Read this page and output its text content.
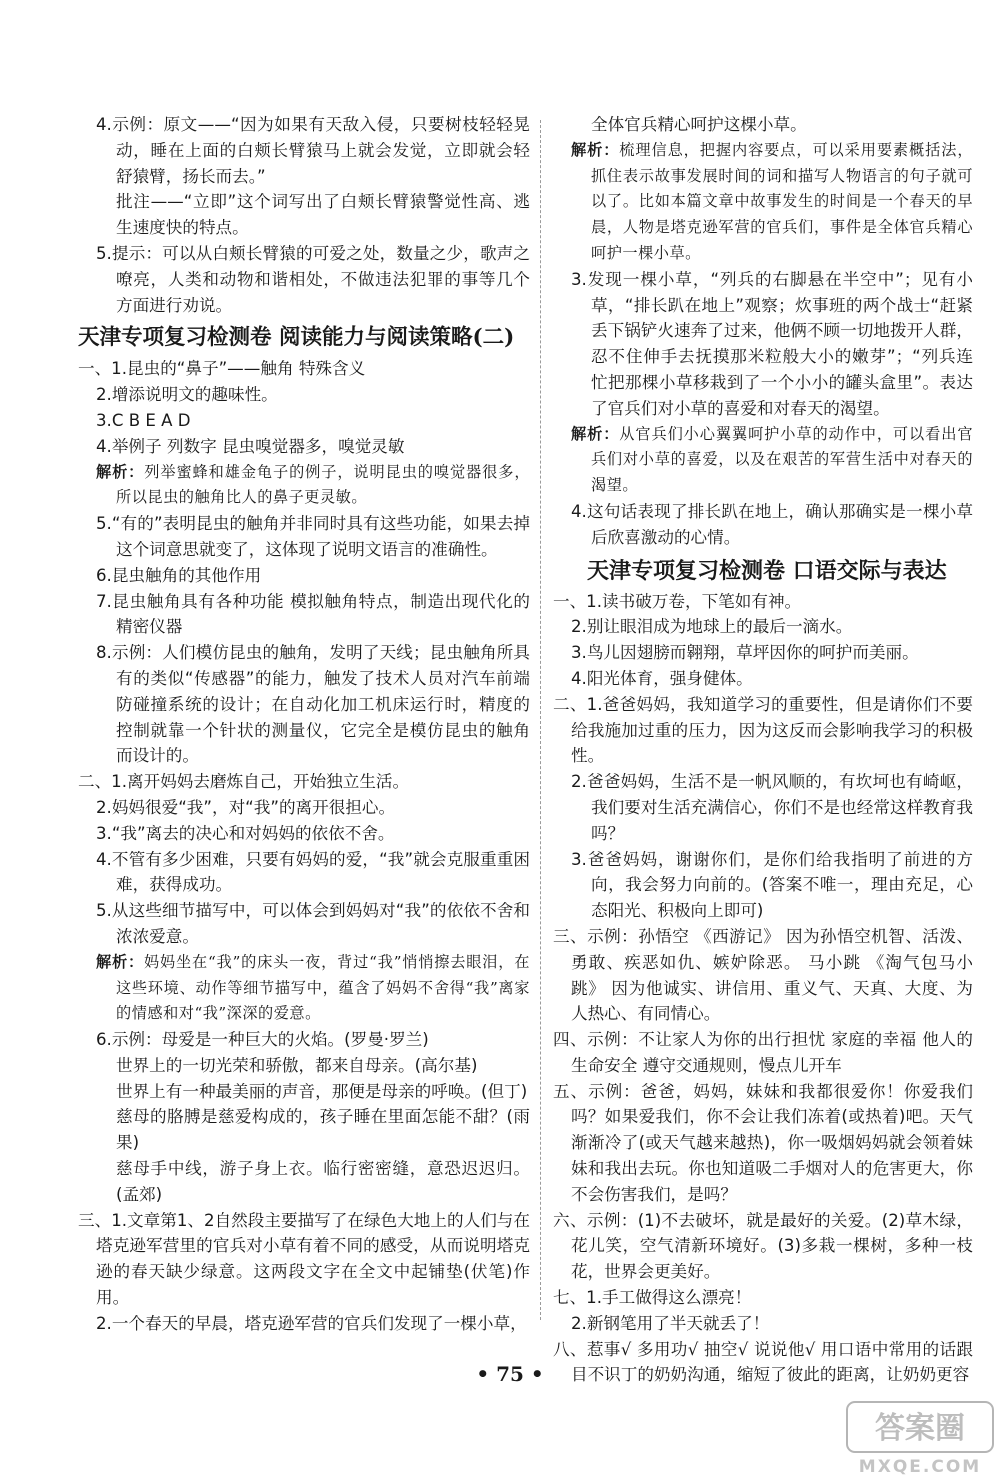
4.示例：原文——“因为如果有天敌入侵，只要树枝轻轻晃动，睡在上面的白颊长臂猿马上就会发觉，立即就会轻舒猿臂，扬长而去。”
批注——“立即”这个词写出了白颊长臂猿警觉性高、逃生速度快的特点。
5.提示：可以从白颊长臂猿的可爱之处，数量之少，歌声之嘹亮，人类和动物和谐相处，不做违法犯罪的事等几个方面进行劝说。
天津专项复习检测卷 阅读能力与阅读策略(二)
一、1.昆虫的“鼻子”——触角 特殊含义
2.增添说明文的趣味性。
3.C B E A D
4.举例子 列数字 昆虫嗅觉器多，嗅觉灵敏
解析：列举蜜蜂和雄金龟子的例子，说明昆虫的嗅觉器很多，所以昆虫的触角比人的鼻子更灵敏。
5.“有的”表明昆虫的触角并非同时具有这些功能，如果去掉这个词意思就变了，这体现了说明文语言的准确性。
6.昆虫触角的其他作用
7.昆虫触角具有各种功能 模拟触角特点，制造出现代化的精密仪器
8.示例：人们模仿昆虫的触角，发明了天线；昆虫触角所具有的类似“传感器”的能力，触发了技术人员对汽车前端防碰撞系统的设计；在自动化加工机床运行时，精度的控制就靠一个针状的测量仪，它完全是模仿昆虫的触角而设计的。
二、1.离开妈妈去磨炼自己，开始独立生活。
2.妈妈很爱“我”，对“我”的离开很担心。
3.“我”离去的决心和对妈妈的依依不舍。
4.不管有多少困难，只要有妈妈的爱，“我”就会克服重重困难，获得成功。
5.从这些细节描写中，可以体会到妈妈对“我”的依依不舍和浓浓爱意。
解析：妈妈坐在“我”的床头一夜，背过“我”悄悄擦去眼泪，在这些环境、动作等细节描写中，蕴含了妈妈不舍得“我”离家的情感和对“我”深深的爱意。
6.示例：母爱是一种巨大的火焰。(罗曼·罗兰)
世界上的一切光荣和骄傲，都来自母亲。(高尔基)
世界上有一种最美丽的声音，那便是母亲的呼唤。(但丁)
慈母的胳膊是慈爱构成的，孩子睡在里面怎能不甜？(雨果)
慈母手中线，游子身上衣。临行密密缝，意恐迟迟归。(孟郊)
三、1.文章第1、2自然段主要描写了在绿色大地上的人们与在塔克逊军营里的官兵对小草有着不同的感受，从而说明塔克逊的春天缺少绿意。这两段文字在全文中起铺垫(伏笔)作用。
2.一个春天的早晨，塔克逊军营的官兵们发现了一棵小草，
全体官兵精心呵护这棵小草。
解析：梳理信息，把握内容要点，可以采用要素概括法，抓住表示故事发展时间的词和描写人物语言的句子就可以了。比如本篇文章中故事发生的时间是一个春天的早晨，人物是塔克逊军营的官兵们，事件是全体官兵精心呵护一棵小草。
3.发现一棵小草，“列兵的右脚悬在半空中”；见有小草，“排长趴在地上”观察；炊事班的两个战士“赶紧丢下锅铲火速奔了过来，他俩不顾一切地拨开人群，忍不住伸手去抚摸那米粒般大小的嫩芽”；“列兵连忙把那棵小草移栽到了一个小小的罐头盒里”。表达了官兵们对小草的喜爱和对春天的渴望。
解析：从官兵们小心翼翼呵护小草的动作中，可以看出官兵们对小草的喜爱，以及在艰苦的军营生活中对春天的渴望。
4.这句话表现了排长趴在地上，确认那确实是一棵小草后欣喜激动的心情。
天津专项复习检测卷 口语交际与表达
一、1.读书破万卷，下笔如有神。
2.别让眼泪成为地球上的最后一滴水。
3.鸟儿因翅膀而翱翔，草坪因你的呵护而美丽。
4.阳光体育，强身健体。
二、1.爸爸妈妈，我知道学习的重要性，但是请你们不要给我施加过重的压力，因为这反而会影响我学习的积极性。
2.爸爸妈妈，生活不是一帆风顺的，有坎坷也有崎岖，我们要对生活充满信心，你们不是也经常这样教育我吗？
3.爸爸妈妈，谢谢你们，是你们给我指明了前进的方向，我会努力向前的。(答案不唯一，理由充足，心态阳光、积极向上即可)
三、示例：孙悟空 《西游记》 因为孙悟空机智、活泼、勇敢、疾恶如仇、嫉妒除恶。 马小跳 《淘气包马小跳》 因为他诚实、讲信用、重义气、天真、大度、为人热心、有同情心。
四、示例：不让家人为你的出行担忧 家庭的幸福 他人的生命安全 遵守交通规则，慢点儿开车
五、示例：爸爸，妈妈，妹妹和我都很爱你！你爱我们吗？如果爱我们，你不会让我们冻着(或热着)吧。天气渐渐冷了(或天气越来越热)，你一吸烟妈妈就会领着妹妹和我出去玩。你也知道吸二手烟对人的危害更大，你不会伤害我们，是吗？
六、示例：(1)不去破坏，就是最好的关爱。(2)草木绿，花儿笑，空气清新环境好。(3)多栽一棵树，多种一枝花，世界会更美好。
七、1.手工做得这么漂亮！
2.新钢笔用了半天就丢了！
八、惹事√ 多用功√ 抽空√ 说说他√ 用口语中常用的话跟目不识丁的奶奶沟通，缩短了彼此的距离，让奶奶更容
• 75 •
答案圈
MXQE.COM
